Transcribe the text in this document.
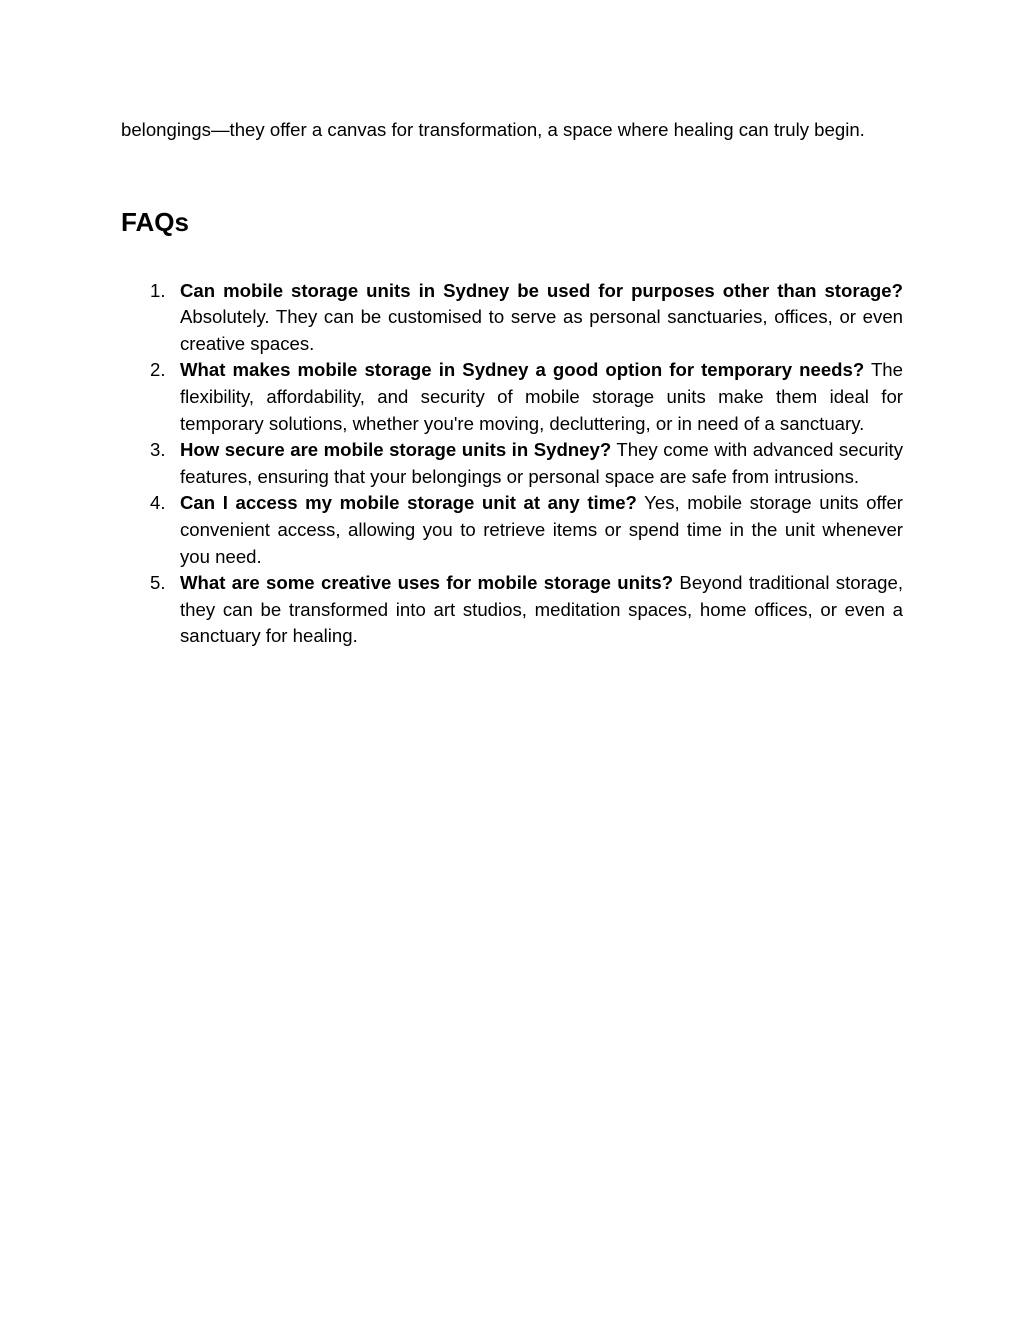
belongings—they offer a canvas for transformation, a space where healing can truly begin.

FAQs
1. Can mobile storage units in Sydney be used for purposes other than storage?Absolutely. They can be customised to serve as personal sanctuaries, offices, or even creative spaces.
2. What makes mobile storage in Sydney a good option for temporary needs? The flexibility, affordability, and security of mobile storage units make them ideal for temporary solutions, whether you're moving, decluttering, or in need of a sanctuary.
3. How secure are mobile storage units in Sydney? They come with advanced security features, ensuring that your belongings or personal space are safe from intrusions.
4. Can I access my mobile storage unit at any time? Yes, mobile storage units offer convenient access, allowing you to retrieve items or spend time in the unit whenever you need.
5. What are some creative uses for mobile storage units? Beyond traditional storage, they can be transformed into art studios, meditation spaces, home offices, or even a sanctuary for healing.
